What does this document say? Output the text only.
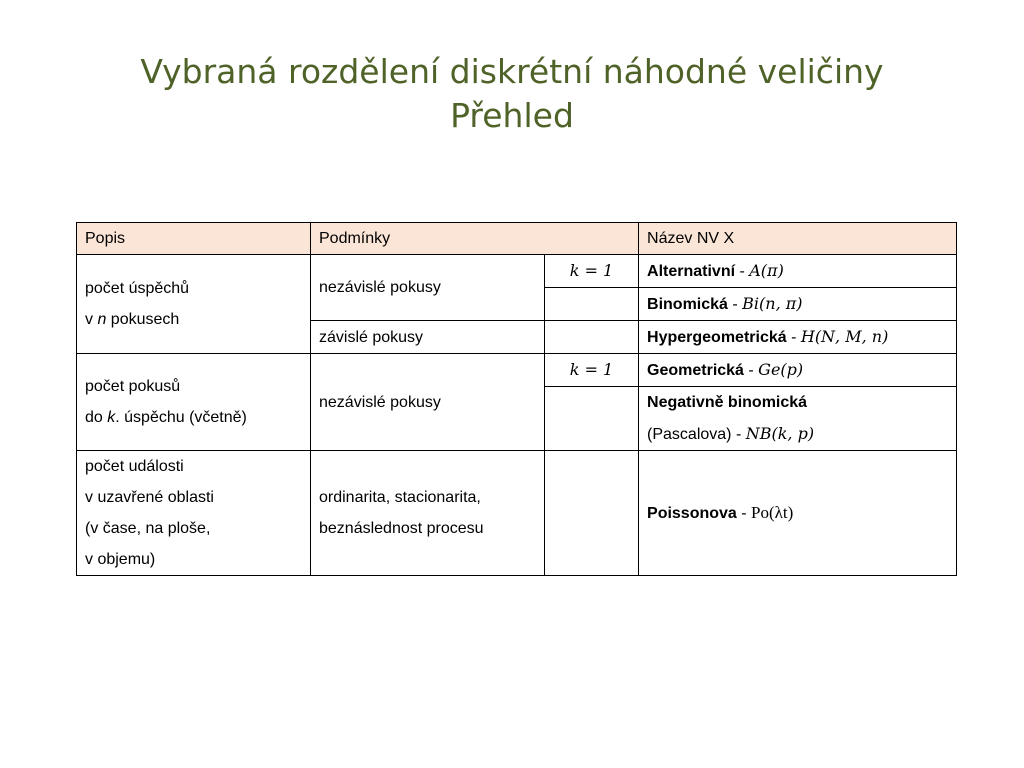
Vybraná rozdělení diskrétní náhodné veličiny
Přehled
Popis	Podmínky		Název NV X

počet úspěchů
v n pokusech	nezávislé pokusy	𝑘 = 1	Alternativní - 𝐴(𝜋)
			Binomická - 𝐵𝑖(𝑛, 𝜋)
	závislé pokusy		Hypergeometrická - 𝐻(𝑁, 𝑀, 𝑛)

počet pokusů
do k. úspěchu (včetně)	nezávislé pokusy	𝑘 = 1	Geometrická - 𝐺𝑒(𝑝)

			Negativně binomická
(Pascalova) - 𝑁𝐵(𝑘, 𝑝)

počet události
v uzavřené oblasti
(v čase, na ploše,
v objemu)	ordinarita, stacionarita,
beznáslednost procesu		Poissonova - Po(λt)
